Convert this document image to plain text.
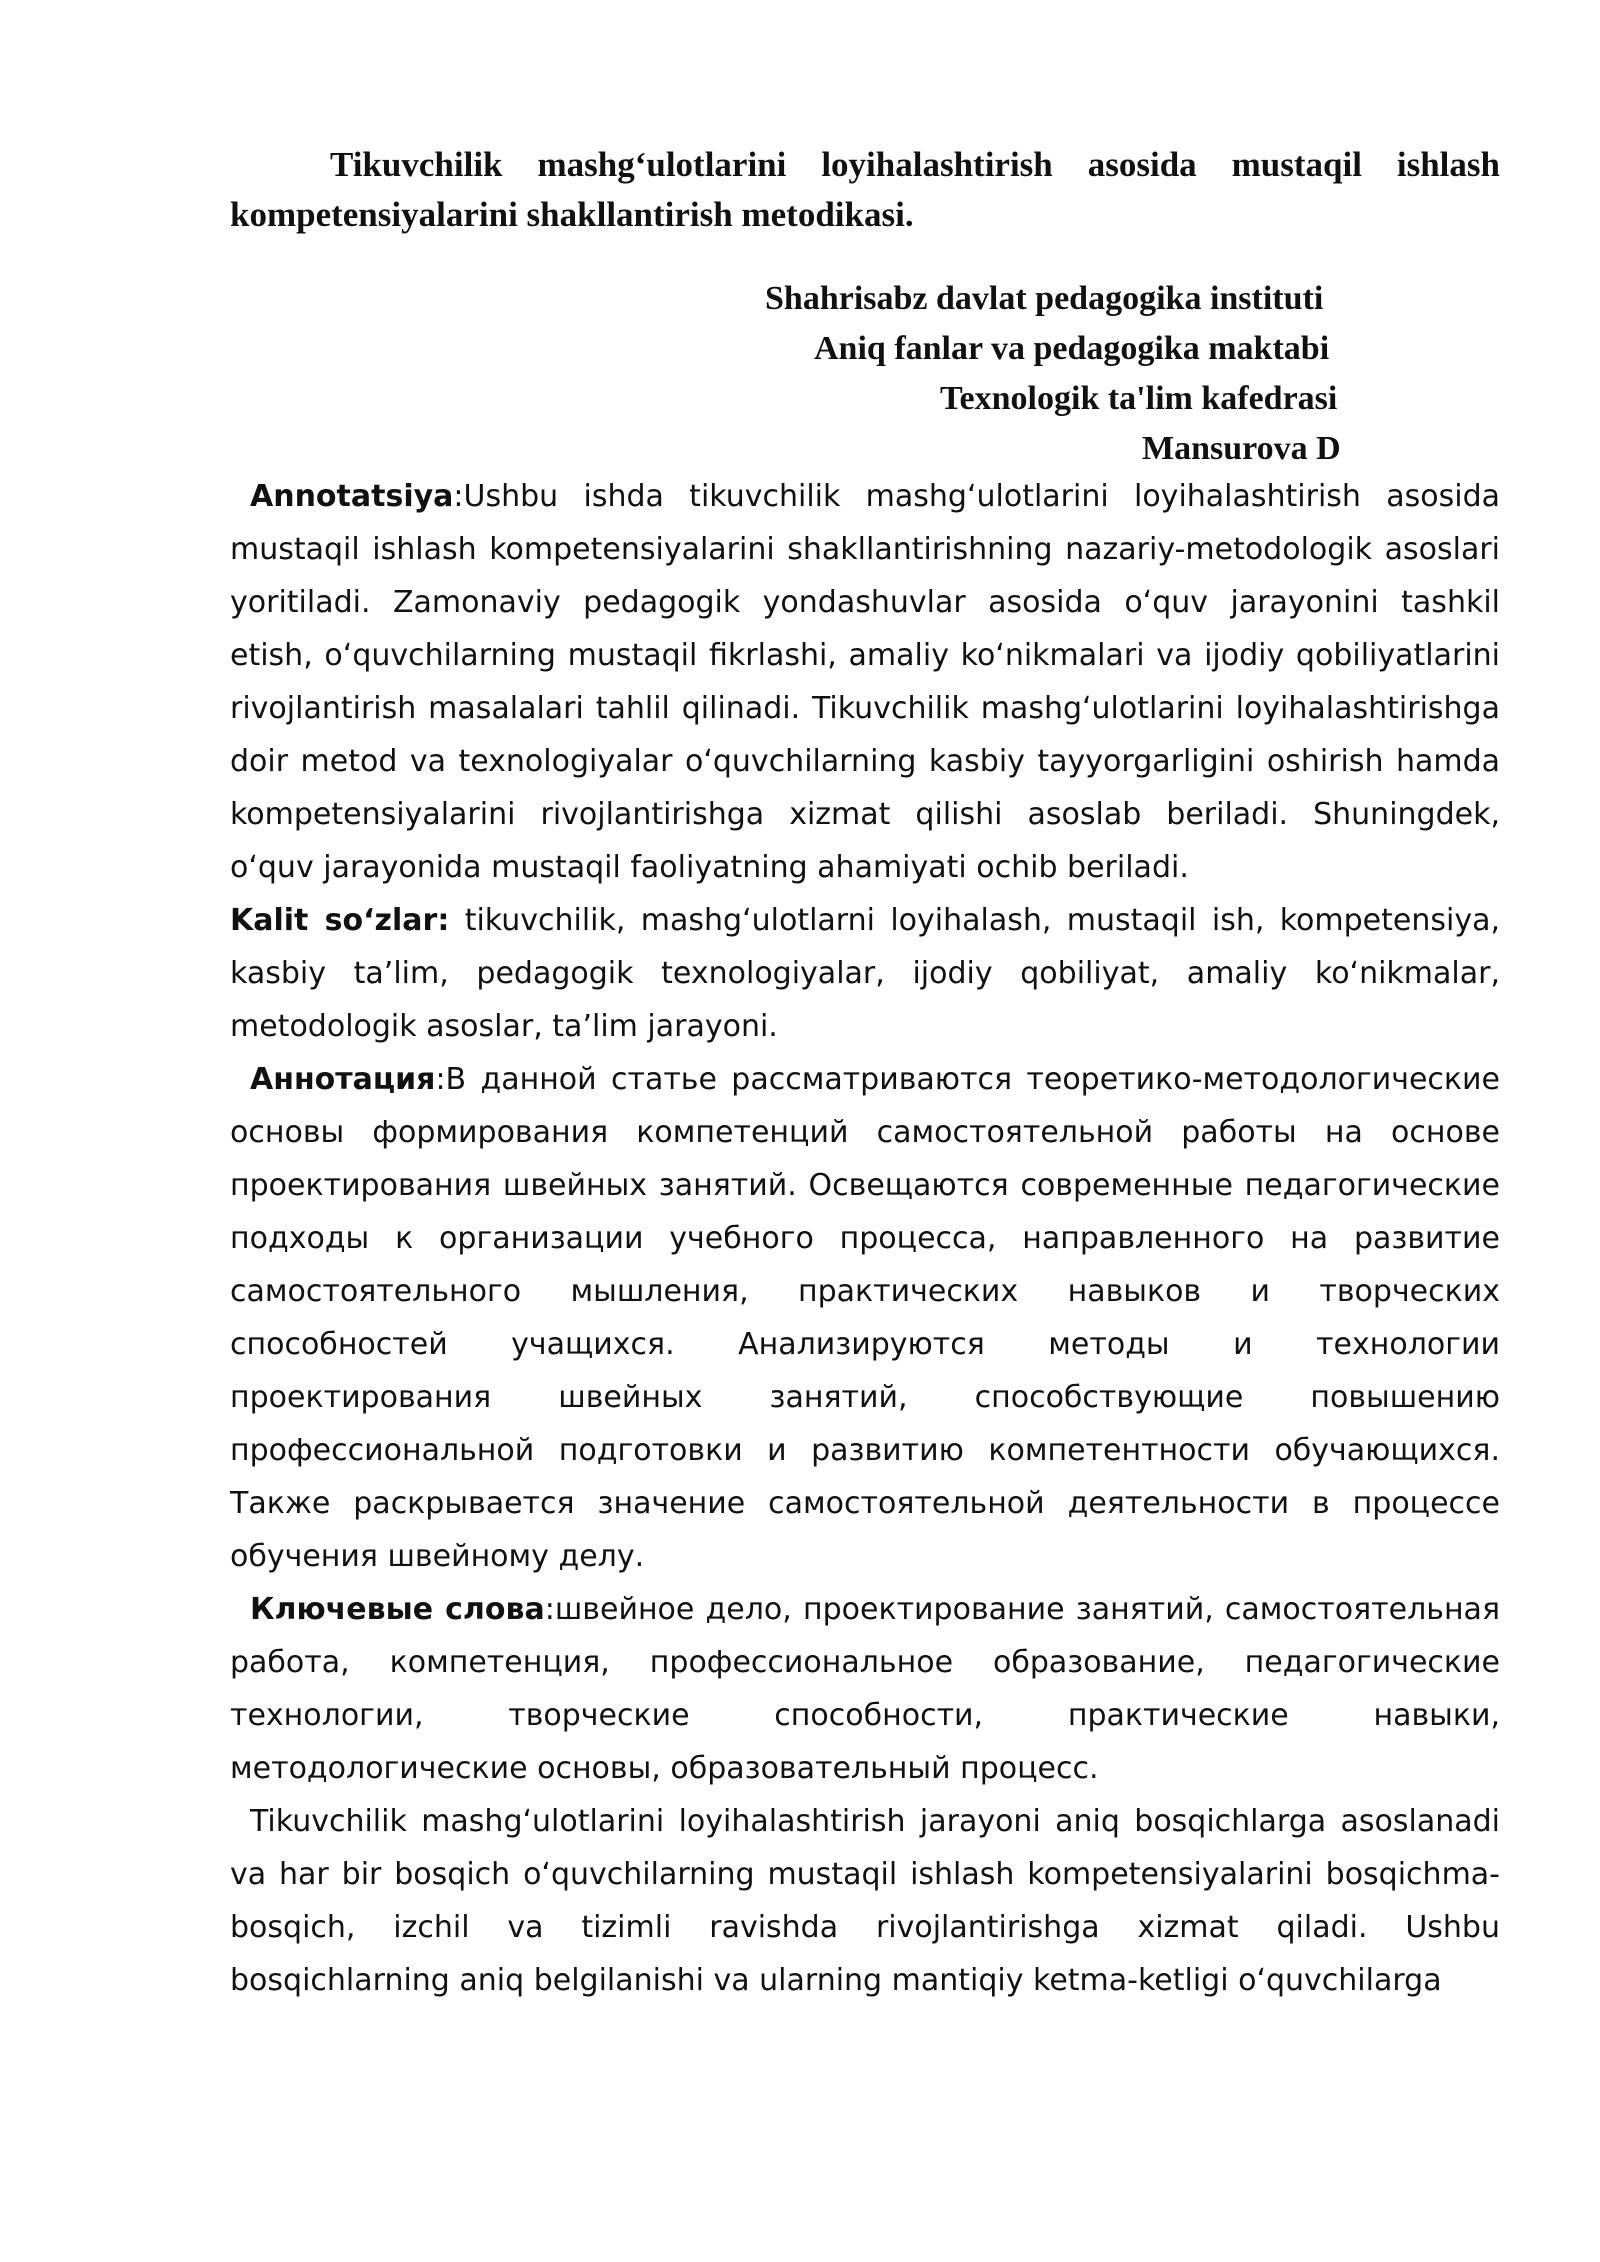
Tikuvchilik mashg‘ulotlarini loyihalashtirish asosida mustaqil ishlash kompetensiyalarini shakllantirish metodikasi.

Shahrisabz davlat pedagogika instituti
Aniq fanlar va pedagogika maktabi
Texnologik ta'lim kafedrasi
Mansurova D

Annotatsiya:Ushbu ishda tikuvchilik mashg‘ulotlarini loyihalashtirish asosida mustaqil ishlash kompetensiyalarini shakllantirishning nazariy-metodologik asoslari yoritiladi. Zamonaviy pedagogik yondashuvlar asosida o‘quv jarayonini tashkil etish, o‘quvchilarning mustaqil fikrlashi, amaliy ko‘nikmalari va ijodiy qobiliyatlarini rivojlantirish masalalari tahlil qilinadi. Tikuvchilik mashg‘ulotlarini loyihalashtirishga doir metod va texnologiyalar o‘quvchilarning kasbiy tayyorgarligini oshirish hamda kompetensiyalarini rivojlantirishga xizmat qilishi asoslab beriladi. Shuningdek, o‘quv jarayonida mustaqil faoliyatning ahamiyati ochib beriladi.

Kalit so‘zlar: tikuvchilik, mashg‘ulotlarni loyihalash, mustaqil ish, kompetensiya, kasbiy ta’lim, pedagogik texnologiyalar, ijodiy qobiliyat, amaliy ko‘nikmalar, metodologik asoslar, ta’lim jarayoni.

Аннотация:В данной статье рассматриваются теоретико-методологические основы формирования компетенций самостоятельной работы на основе проектирования швейных занятий. Освещаются современные педагогические подходы к организации учебного процесса, направленного на развитие самостоятельного мышления, практических навыков и творческих способностей учащихся. Анализируются методы и технологии проектирования швейных занятий, способствующие повышению профессиональной подготовки и развитию компетентности обучающихся. Также раскрывается значение самостоятельной деятельности в процессе обучения швейному делу.

Ключевые слова:швейное дело, проектирование занятий, самостоятельная работа, компетенция, профессиональное образование, педагогические технологии, творческие способности, практические навыки, методологические основы, образовательный процесс.

Tikuvchilik mashg‘ulotlarini loyihalashtirish jarayoni aniq bosqichlarga asoslanadi va har bir bosqich o‘quvchilarning mustaqil ishlash kompetensiyalarini bosqichma-bosqich, izchil va tizimli ravishda rivojlantirishga xizmat qiladi. Ushbu bosqichlarning aniq belgilanishi va ularning mantiqiy ketma-ketligi o‘quvchilarga
